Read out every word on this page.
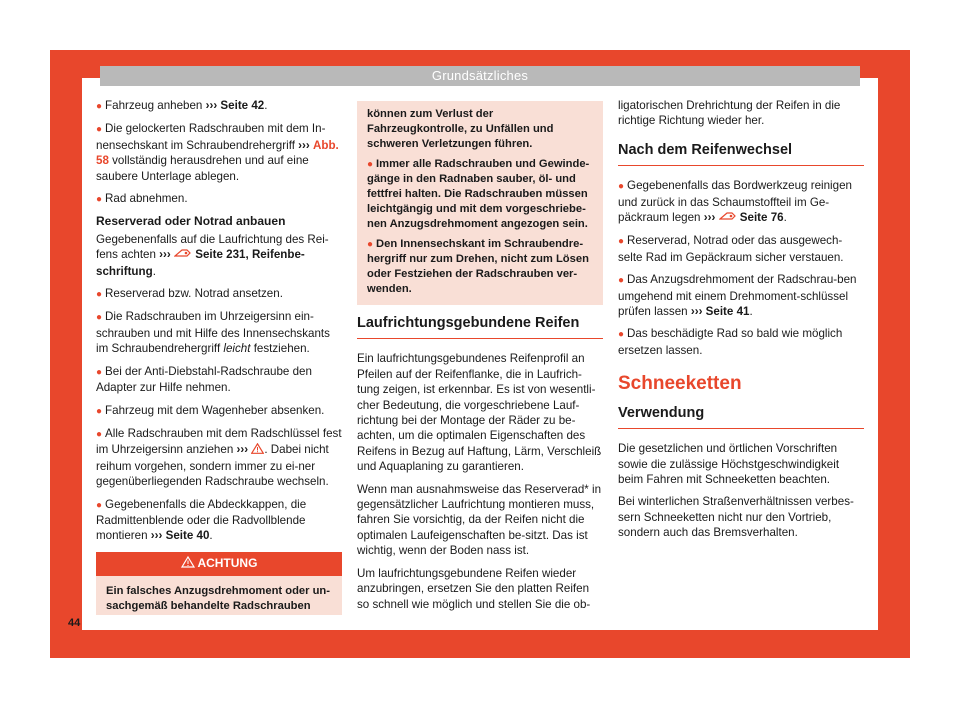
Grundsätzliches

● Fahrzeug anheben ››› Seite 42.

● Die gelockerten Radschrauben mit dem In-nensechskant im Schraubendrehergriff ››› Abb. 58 vollständig herausdrehen und auf eine saubere Unterlage ablegen.

● Rad abnehmen.

Reserverad oder Notrad anbauen

Gegebenenfalls auf die Laufrichtung des Rei-fens achten ›››  Seite 231, Reifenbe-schriftung.

● Reserverad bzw. Notrad ansetzen.

● Die Radschrauben im Uhrzeigersinn ein-schrauben und mit Hilfe des Innensechskants im Schraubendrehergriff leicht festziehen.

● Bei der Anti-Diebstahl-Radschraube den Adapter zur Hilfe nehmen.

● Fahrzeug mit dem Wagenheber absenken.

● Alle Radschrauben mit dem Radschlüssel fest im Uhrzeigersinn anziehen ››› . Dabei nicht reihum vorgehen, sondern immer zu ei-ner gegenüberliegenden Radschraube wechseln.

● Gegebenenfalls die Abdeckkappen, die Radmittenblende oder die Radvollblende montieren ››› Seite 40.

ACHTUNG

Ein falsches Anzugsdrehmoment oder un-sachgemäß behandelte Radschrauben

können zum Verlust der Fahrzeugkontrolle, zu Unfällen und schweren Verletzungen führen.

● Immer alle Radschrauben und Gewinde-gänge in den Radnaben sauber, öl- und fettfrei halten. Die Radschrauben müssen leichtgängig und mit dem vorgeschriebe-nen Anzugsdrehmoment angezogen sein.

● Den Innensechskant im Schraubendre-hergriff nur zum Drehen, nicht zum Lösen oder Festziehen der Radschrauben ver-wenden.

Laufrichtungsgebundene Reifen

Ein laufrichtungsgebundenes Reifenprofil an Pfeilen auf der Reifenflanke, die in Laufrich-tung zeigen, ist erkennbar. Es ist von wesentli-cher Bedeutung, die vorgeschriebene Lauf-richtung bei der Montage der Räder zu be-achten, um die optimalen Eigenschaften des Reifens in Bezug auf Haftung, Lärm, Verschleiß und Aquaplaning zu garantieren.

Wenn man ausnahmsweise das Reserverad* in gegensätzlicher Laufrichtung montieren muss, fahren Sie vorsichtig, da der Reifen nicht die optimalen Laufeigenschaften be-sitzt. Das ist wichtig, wenn der Boden nass ist.

Um laufrichtungsgebundene Reifen wieder anzubringen, ersetzen Sie den platten Reifen so schnell wie möglich und stellen Sie die ob-

ligatorischen Drehrichtung der Reifen in die richtige Richtung wieder her.

Nach dem Reifenwechsel

● Gegebenenfalls das Bordwerkzeug reinigen und zurück in das Schaumstoffteil im Ge-päckraum legen ›››  Seite 76.

● Reserverad, Notrad oder das ausgewech-selte Rad im Gepäckraum sicher verstauen.

● Das Anzugsdrehmoment der Radschrau-ben umgehend mit einem Drehmoment-schlüssel prüfen lassen ››› Seite 41.

● Das beschädigte Rad so bald wie möglich ersetzen lassen.

Schneeketten
Verwendung

Die gesetzlichen und örtlichen Vorschriften sowie die zulässige Höchstgeschwindigkeit beim Fahren mit Schneeketten beachten.

Bei winterlichen Straßenverhältnissen verbes-sern Schneeketten nicht nur den Vortrieb, sondern auch das Bremsverhalten.

44
